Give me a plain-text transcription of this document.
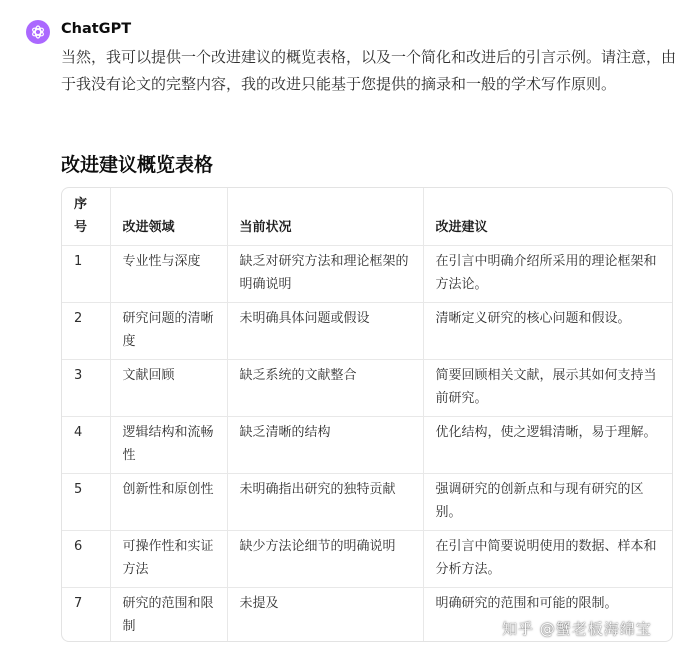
ChatGPT
当然，我可以提供一个改进建议的概览表格，以及一个简化和改进后的引言示例。请注意，由于我没有论文的完整内容，我的改进只能基于您提供的摘录和一般的学术写作原则。
改进建议概览表格
序号	改进领域	当前状况	改进建议
1	专业性与深度	缺乏对研究方法和理论框架的明确说明	在引言中明确介绍所采用的理论框架和方法论。
2	研究问题的清晰度	未明确具体问题或假设	清晰定义研究的核心问题和假设。
3	文献回顾	缺乏系统的文献整合	简要回顾相关文献，展示其如何支持当前研究。
4	逻辑结构和流畅性	缺乏清晰的结构	优化结构，使之逻辑清晰，易于理解。
5	创新性和原创性	未明确指出研究的独特贡献	强调研究的创新点和与现有研究的区别。
6	可操作性和实证方法	缺少方法论细节的明确说明	在引言中简要说明使用的数据、样本和分析方法。
7	研究的范围和限制	未提及	明确研究的范围和可能的限制。
知乎 @蟹老板海绵宝
